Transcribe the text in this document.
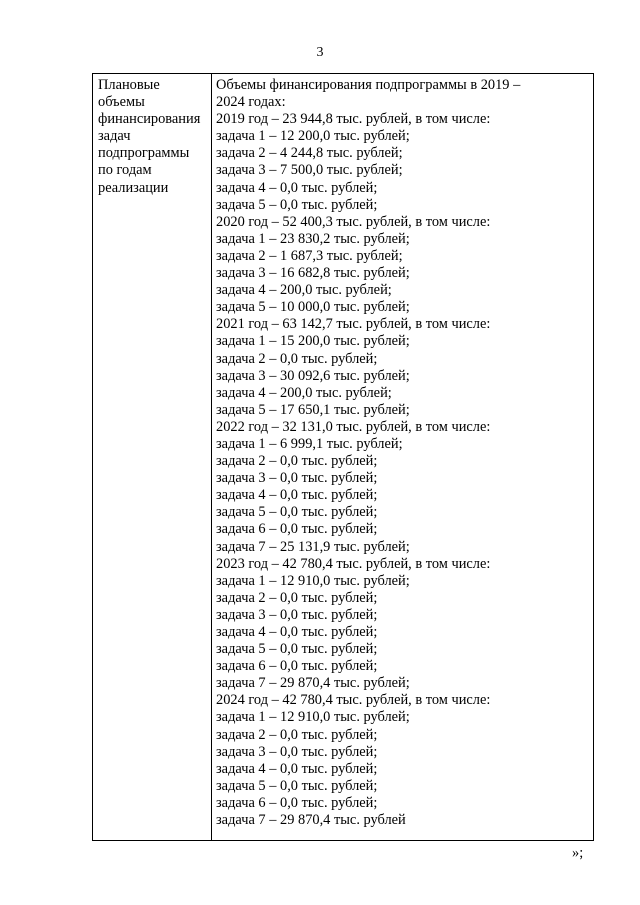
3
Плановые
объемы
финансирования
задач
подпрограммы
по годам
реализации
Объемы финансирования подпрограммы в 2019 –
2024 годах:
2019 год – 23 944,8 тыс. рублей, в том числе:
задача 1 – 12 200,0 тыс. рублей;
задача 2 – 4 244,8 тыс. рублей;
задача 3 – 7 500,0 тыс. рублей;
задача 4 – 0,0 тыс. рублей;
задача 5 – 0,0 тыс. рублей;
2020 год – 52 400,3 тыс. рублей, в том числе:
задача 1 – 23 830,2 тыс. рублей;
задача 2 – 1 687,3 тыс. рублей;
задача 3 – 16 682,8 тыс. рублей;
задача 4 – 200,0 тыс. рублей;
задача 5 – 10 000,0 тыс. рублей;
2021 год – 63 142,7 тыс. рублей, в том числе:
задача 1 – 15 200,0 тыс. рублей;
задача 2 – 0,0 тыс. рублей;
задача 3 – 30 092,6 тыс. рублей;
задача 4 – 200,0 тыс. рублей;
задача 5 – 17 650,1 тыс. рублей;
2022 год – 32 131,0 тыс. рублей, в том числе:
задача 1 – 6 999,1 тыс. рублей;
задача 2 – 0,0 тыс. рублей;
задача 3 – 0,0 тыс. рублей;
задача 4 – 0,0 тыс. рублей;
задача 5 – 0,0 тыс. рублей;
задача 6 – 0,0 тыс. рублей;
задача 7 – 25 131,9 тыс. рублей;
2023 год – 42 780,4 тыс. рублей, в том числе:
задача 1 – 12 910,0 тыс. рублей;
задача 2 – 0,0 тыс. рублей;
задача 3 – 0,0 тыс. рублей;
задача 4 – 0,0 тыс. рублей;
задача 5 – 0,0 тыс. рублей;
задача 6 – 0,0 тыс. рублей;
задача 7 – 29 870,4 тыс. рублей;
2024 год – 42 780,4 тыс. рублей, в том числе:
задача 1 – 12 910,0 тыс. рублей;
задача 2 – 0,0 тыс. рублей;
задача 3 – 0,0 тыс. рублей;
задача 4 – 0,0 тыс. рублей;
задача 5 – 0,0 тыс. рублей;
задача 6 – 0,0 тыс. рублей;
задача 7 – 29 870,4 тыс. рублей
»;
